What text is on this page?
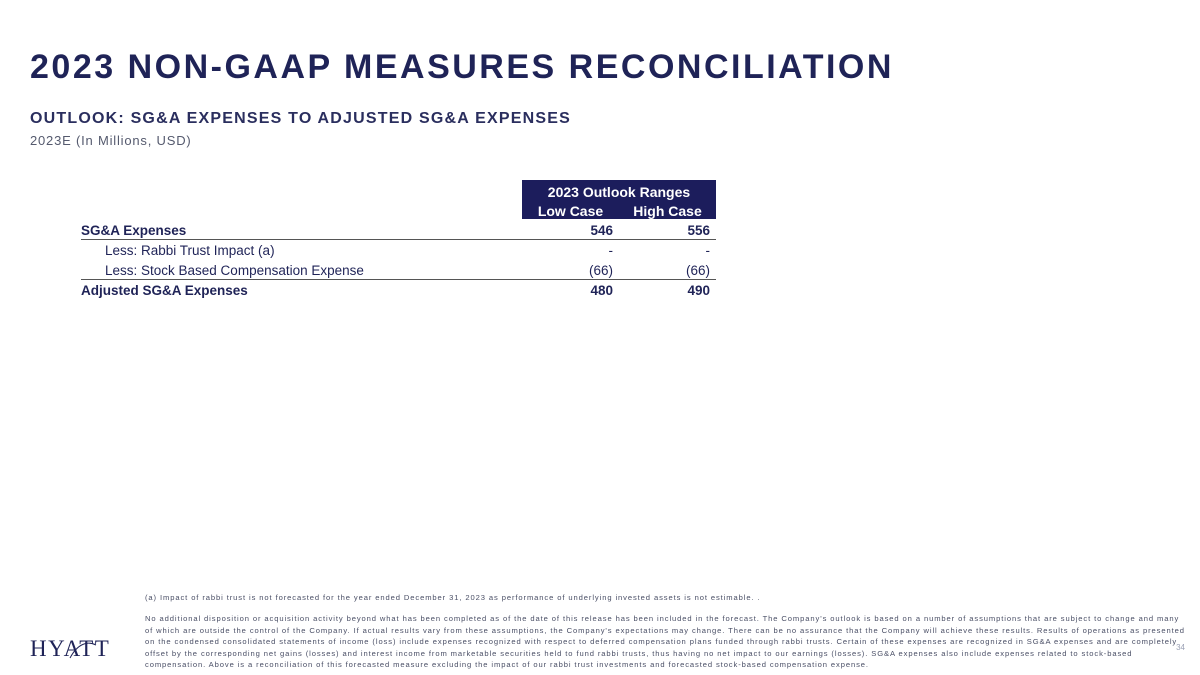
2023 NON-GAAP MEASURES RECONCILIATION
OUTLOOK: SG&A EXPENSES TO ADJUSTED SG&A EXPENSES
2023E (In Millions, USD)
2023 Outlook Ranges
Low Case	High Case
SG&A Expenses	546	556
Less: Rabbi Trust Impact (a)	-	-
Less: Stock Based Compensation Expense	(66)	(66)
Adjusted SG&A Expenses	480	490
HYATT
(a) Impact of rabbi trust is not forecasted for the year ended December 31, 2023 as performance of underlying invested assets is not estimable. .
No additional disposition or acquisition activity beyond what has been completed as of the date of this release has been included in the forecast. The Company's outlook is based on a number of assumptions that are subject to change and many of which are outside the control of the Company. If actual results vary from these assumptions, the Company's expectations may change. There can be no assurance that the Company will achieve these results. Results of operations as presented on the condensed consolidated statements of income (loss) include expenses recognized with respect to deferred compensation plans funded through rabbi trusts. Certain of these expenses are recognized in SG&A expenses and are completely offset by the corresponding net gains (losses) and interest income from marketable securities held to fund rabbi trusts, thus having no net impact to our earnings (losses). SG&A expenses also include expenses related to stock-based compensation. Above is a reconciliation of this forecasted measure excluding the impact of our rabbi trust investments and forecasted stock-based compensation expense.
34
